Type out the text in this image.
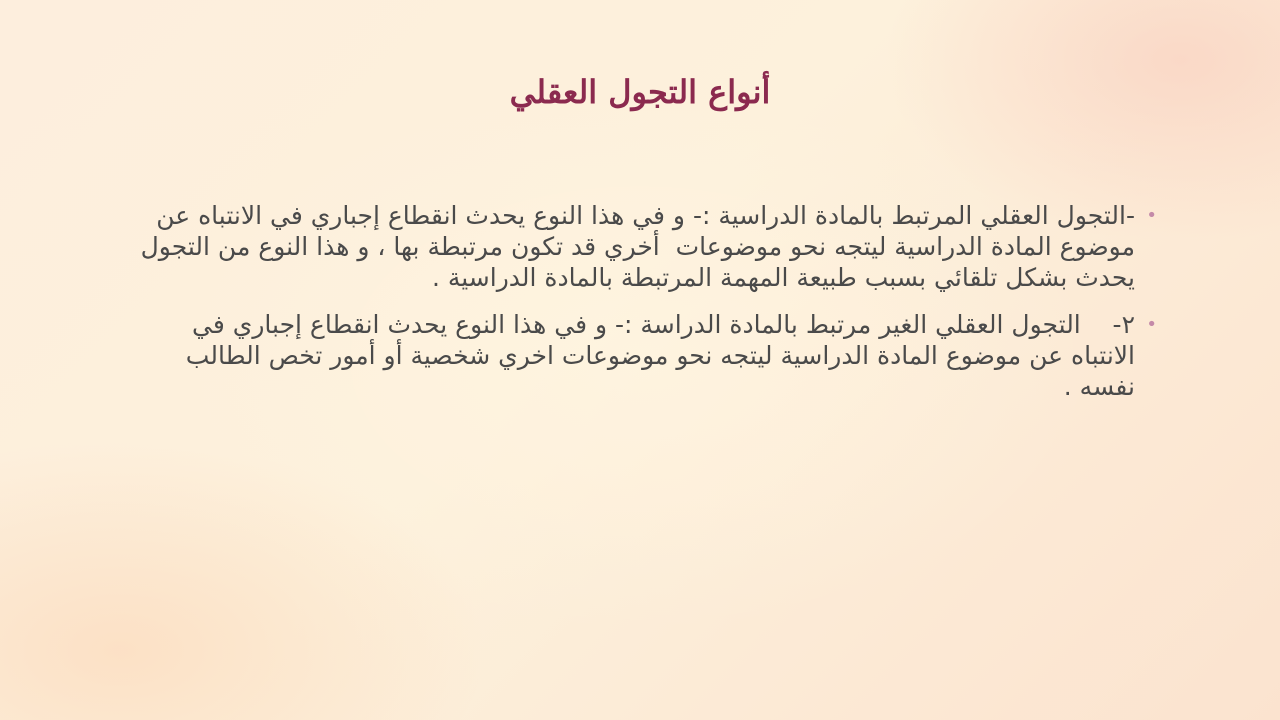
أنواع التجول العقلي
•
-التجول العقلي المرتبط بالمادة الدراسية :- و في هذا النوع يحدث انقطاع إجباري في الانتباه عن موضوع المادة الدراسية ليتجه نحو موضوعات  أخري قد تكون مرتبطة بها ، و هذا النوع من التجول يحدث بشكل تلقائي بسبب طبيعة المهمة المرتبطة بالمادة الدراسية .
•
٢-    التجول العقلي الغير مرتبط بالمادة الدراسة :- و في هذا النوع يحدث انقطاع إجباري في الانتباه عن موضوع المادة الدراسية ليتجه نحو موضوعات اخري شخصية أو أمور تخص الطالب نفسه .
